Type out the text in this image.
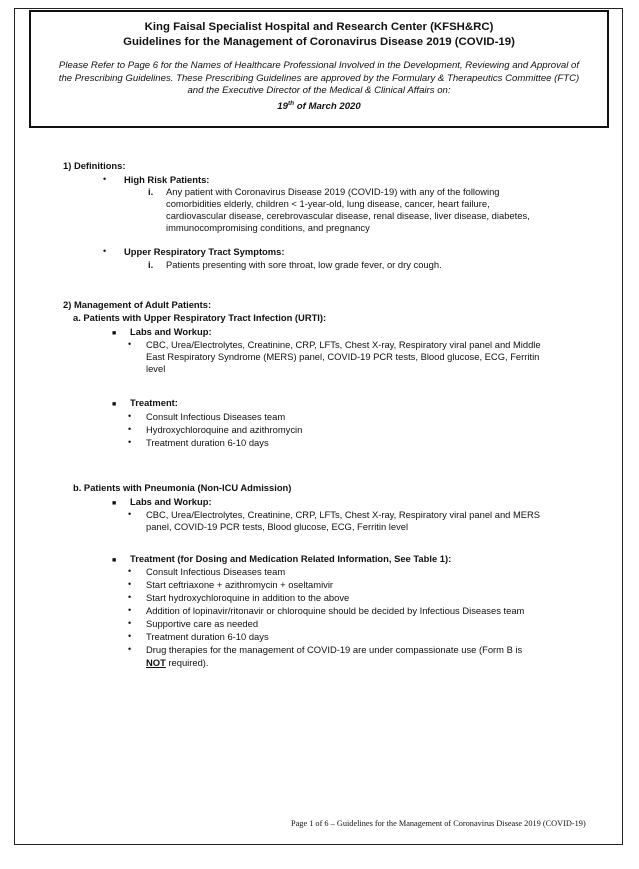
King Faisal Specialist Hospital and Research Center (KFSH&RC)
Guidelines for the Management of Coronavirus Disease 2019 (COVID-19)
Please Refer to Page 6 for the Names of Healthcare Professional Involved in the Development, Reviewing and Approval of
the Prescribing Guidelines. These Prescribing Guidelines are approved by the Formulary & Therapeutics Committee (FTC)
and the Executive Director of the Medical & Clinical Affairs on:
19th of March 2020
1) Definitions:
• High Risk Patients:
i. Any patient with Coronavirus Disease 2019 (COVID-19) with any of the following
comorbidities elderly, children < 1-year-old, lung disease, cancer, heart failure,
cardiovascular disease, cerebrovascular disease, renal disease, liver disease, diabetes,
immunocompromising conditions, and pregnancy
• Upper Respiratory Tract Symptoms:
i. Patients presenting with sore throat, low grade fever, or dry cough.
2) Management of Adult Patients:
a. Patients with Upper Respiratory Tract Infection (URTI):
■ Labs and Workup:
• CBC, Urea/Electrolytes, Creatinine, CRP, LFTs, Chest X-ray, Respiratory viral panel and Middle
East Respiratory Syndrome (MERS) panel, COVID-19 PCR tests, Blood glucose, ECG, Ferritin
level
■ Treatment:
• Consult Infectious Diseases team
• Hydroxychloroquine and azithromycin
• Treatment duration 6-10 days
b. Patients with Pneumonia (Non-ICU Admission)
■ Labs and Workup:
• CBC, Urea/Electrolytes, Creatinine, CRP, LFTs, Chest X-ray, Respiratory viral panel and MERS
panel, COVID-19 PCR tests, Blood glucose, ECG, Ferritin level
■ Treatment (for Dosing and Medication Related Information, See Table 1):
• Consult Infectious Diseases team
• Start ceftriaxone + azithromycin + oseltamivir
• Start hydroxychloroquine in addition to the above
• Addition of lopinavir/ritonavir or chloroquine should be decided by Infectious Diseases team
• Supportive care as needed
• Treatment duration 6-10 days
• Drug therapies for the management of COVID-19 are under compassionate use (Form B is
NOT required).
Page 1 of 6 – Guidelines for the Management of Coronavirus Disease 2019 (COVID-19)
